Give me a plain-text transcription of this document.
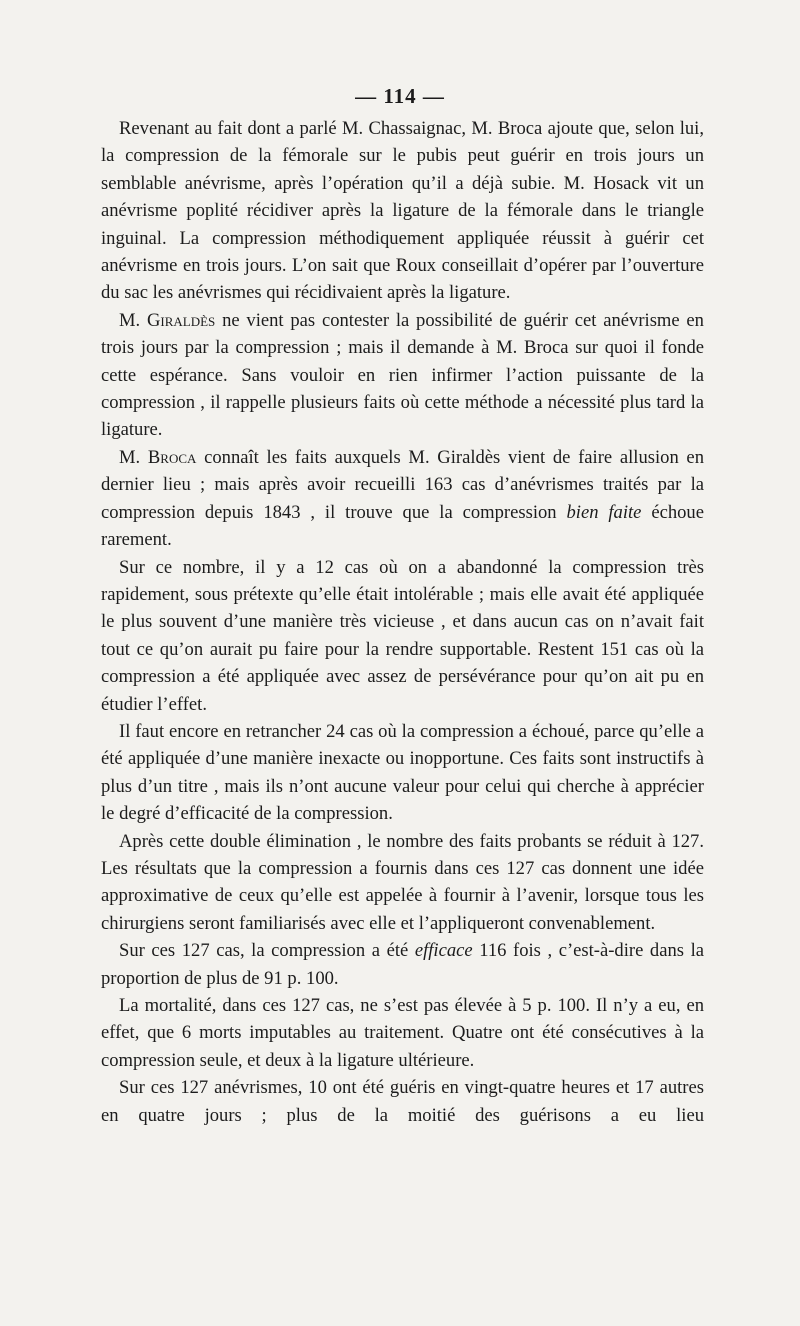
— 114 —

Revenant au fait dont a parlé M. Chassaignac, M. Broca ajoute que, selon lui, la compression de la fémorale sur le pubis peut guérir en trois jours un semblable anévrisme, après l’opération qu’il a déjà subie. M. Hosack vit un anévrisme poplité récidiver après la ligature de la fémorale dans le triangle inguinal. La compression méthodiquement appliquée réussit à guérir cet anévrisme en trois jours. L’on sait que Roux conseillait d’opérer par l’ouverture du sac les anévrismes qui récidivaient après la ligature.

M. Giraldès ne vient pas contester la possibilité de guérir cet anévrisme en trois jours par la compression ; mais il demande à M. Broca sur quoi il fonde cette espérance. Sans vouloir en rien infirmer l’action puissante de la compression , il rappelle plusieurs faits où cette méthode a nécessité plus tard la ligature.

M. Broca connaît les faits auxquels M. Giraldès vient de faire allusion en dernier lieu ; mais après avoir recueilli 163 cas d’anévrismes traités par la compression depuis 1843 , il trouve que la compression bien faite échoue rarement.

Sur ce nombre, il y a 12 cas où on a abandonné la compression très rapidement, sous prétexte qu’elle était intolérable ; mais elle avait été appliquée le plus souvent d’une manière très vicieuse , et dans aucun cas on n’avait fait tout ce qu’on aurait pu faire pour la rendre supportable. Restent 151 cas où la compression a été appliquée avec assez de persévérance pour qu’on ait pu en étudier l’effet.

Il faut encore en retrancher 24 cas où la compression a échoué, parce qu’elle a été appliquée d’une manière inexacte ou inopportune. Ces faits sont instructifs à plus d’un titre , mais ils n’ont aucune valeur pour celui qui cherche à apprécier le degré d’efficacité de la compression.

Après cette double élimination , le nombre des faits probants se réduit à 127. Les résultats que la compression a fournis dans ces 127 cas donnent une idée approximative de ceux qu’elle est appelée à fournir à l’avenir, lorsque tous les chirurgiens seront familiarisés avec elle et l’appliqueront convenablement.

Sur ces 127 cas, la compression a été efficace 116 fois , c’est-à-dire dans la proportion de plus de 91 p. 100.

La mortalité, dans ces 127 cas, ne s’est pas élevée à 5 p. 100. Il n’y a eu, en effet, que 6 morts imputables au traitement. Quatre ont été consécutives à la compression seule, et deux à la ligature ultérieure.

Sur ces 127 anévrismes, 10 ont été guéris en vingt-quatre heures et 17 autres en quatre jours ; plus de la moitié des guérisons a eu lieu
